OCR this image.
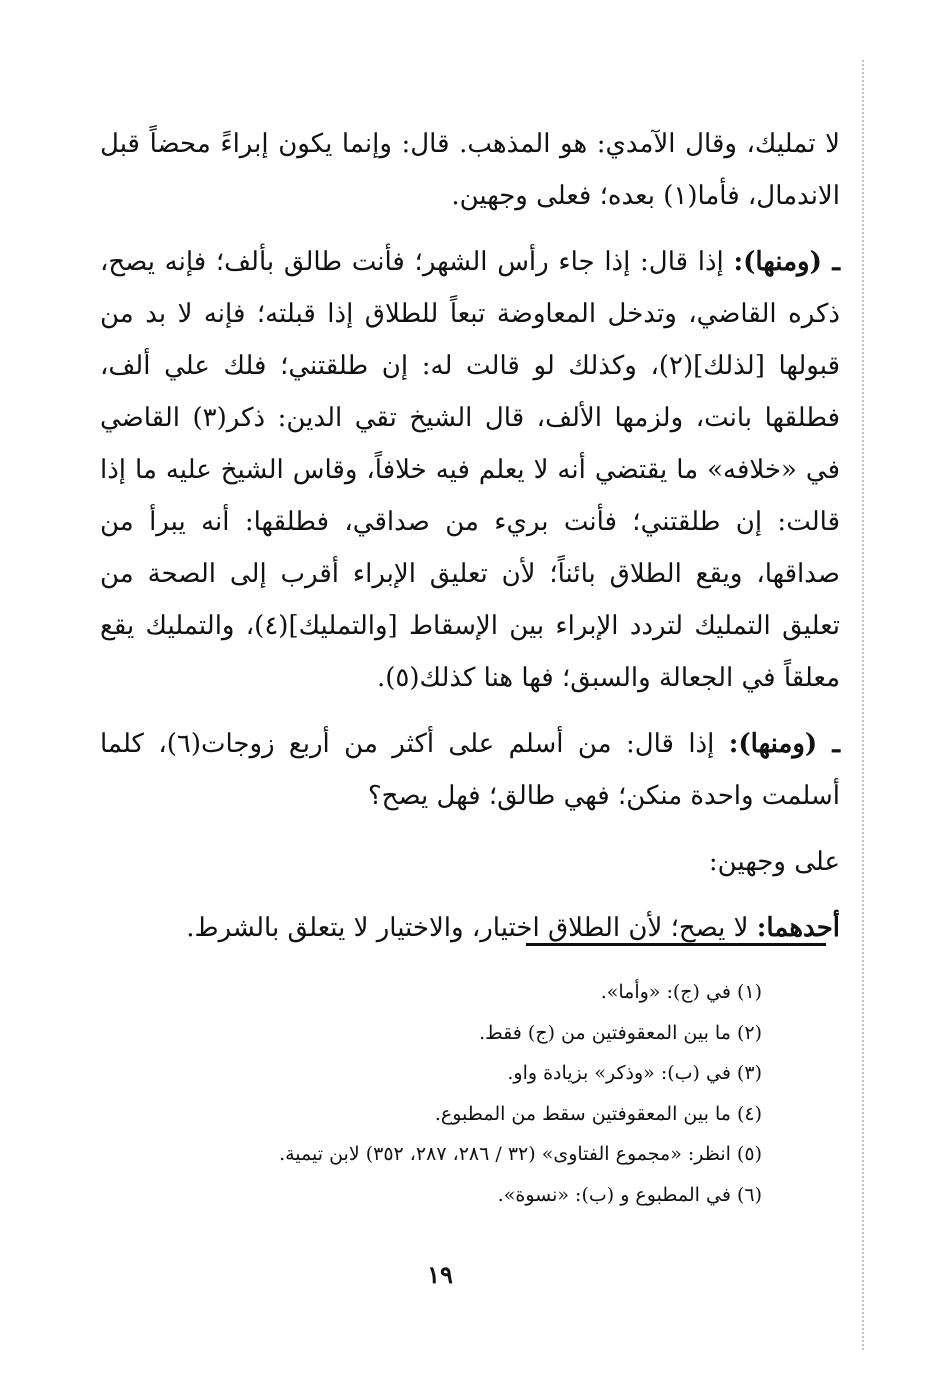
لا تمليك، وقال الآمدي: هو المذهب. قال: وإنما يكون إبراءً محضاً قبل الاندمال، فأما(١) بعده؛ فعلى وجهين.

ـ (ومنها): إذا قال: إذا جاء رأس الشهر؛ فأنت طالق بألف؛ فإنه يصح، ذكره القاضي، وتدخل المعاوضة تبعاً للطلاق إذا قبلته؛ فإنه لا بد من قبولها [لذلك](٢)، وكذلك لو قالت له: إن طلقتني؛ فلك علي ألف، فطلقها بانت، ولزمها الألف، قال الشيخ تقي الدين: ذكر(٣) القاضي في «خلافه» ما يقتضي أنه لا يعلم فيه خلافاً، وقاس الشيخ عليه ما إذا قالت: إن طلقتني؛ فأنت بريء من صداقي، فطلقها: أنه يبرأ من صداقها، ويقع الطلاق بائناً؛ لأن تعليق الإبراء أقرب إلى الصحة من تعليق التمليك لتردد الإبراء بين الإسقاط [والتمليك](٤)، والتمليك يقع معلقاً في الجعالة والسبق؛ فها هنا كذلك(٥).

ـ (ومنها): إذا قال: من أسلم على أكثر من أربع زوجات(٦)، كلما أسلمت واحدة منكن؛ فهي طالق؛ فهل يصح؟

على وجهين:

أحدهما: لا يصح؛ لأن الطلاق اختيار، والاختيار لا يتعلق بالشرط.

(١) في (ج): «وأما».

(٢) ما بين المعقوفتين من (ج) فقط.

(٣) في (ب): «وذكر» بزيادة واو.

(٤) ما بين المعقوفتين سقط من المطبوع.

(٥) انظر: «مجموع الفتاوى» (٣٢ / ٢٨٦، ٢٨٧، ٣٥٢) لابن تيمية.

(٦) في المطبوع و (ب): «نسوة».

١٩
